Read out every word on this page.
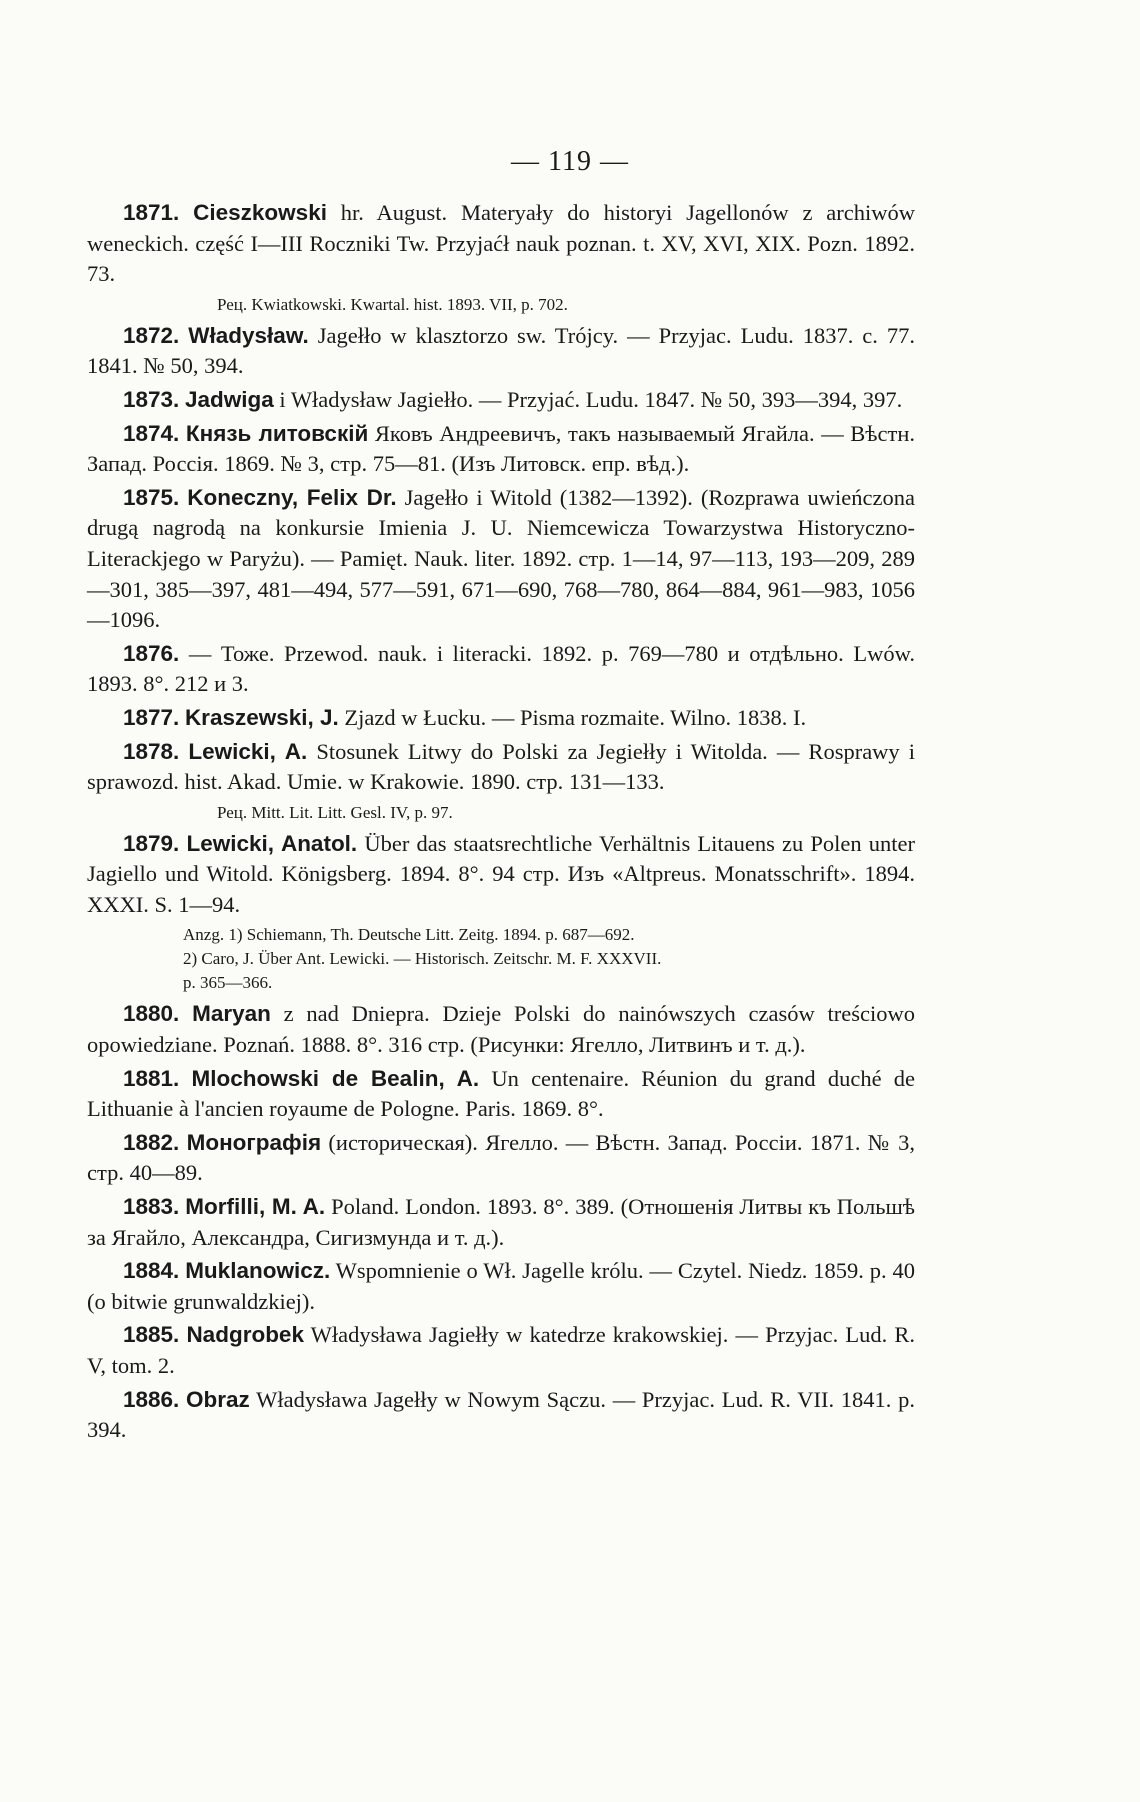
— 119 —

1871. Cieszkowski hr. August. Materyały do historyi Jagellonów z archiwów weneckich. część I—III Roczniki Tw. Przyjaćł nauk poznan. t. XV, XVI, XIX. Pozn. 1892. 73.

Рец. Kwiatkowski. Kwartal. hist. 1893. VII, p. 702.

1872. Władysław. Jagełło w klasztorzo sw. Trójcy. — Przyjac. Ludu. 1837. c. 77. 1841. № 50, 394.

1873. Jadwiga i Władysław Jagiełło. — Przyjać. Ludu. 1847. № 50, 393—394, 397.

1874. Князь литовскій Яковъ Андреевичъ, такъ называемый Ягайла. — Вѣстн. Запад. Россія. 1869. № 3, стр. 75—81. (Изъ Литовск. епр. вѣд.).

1875. Koneczny, Felix Dr. Jagełło i Witold (1382—1392). (Rozprawa uwieńczona drugą nagrodą na konkursie Imienia J. U. Niemcewicza Towarzystwa Historyczno-Literackjego w Paryżu). — Pamięt. Nauk. liter. 1892. стр. 1—14, 97—113, 193—209, 289—301, 385—397, 481—494, 577—591, 671—690, 768—780, 864—884, 961—983, 1056—1096.

1876. — Тоже. Przewod. nauk. i literacki. 1892. p. 769—780 и отдѣльно. Lwów. 1893. 8°. 212 и 3.

1877. Kraszewski, J. Zjazd w Łucku. — Pisma rozmaite. Wilno. 1838. I.

1878. Lewicki, A. Stosunek Litwy do Polski za Jegiełły i Witolda. — Rosprawy i sprawozd. hist. Akad. Umie. w Krakowie. 1890. стр. 131—133.

Рец. Mitt. Lit. Litt. Gesl. IV, p. 97.

1879. Lewicki, Anatol. Über das staatsrechtliche Verhältnis Litauens zu Polen unter Jagiello und Witold. Königsberg. 1894. 8°. 94 стр. Изъ «Altpreus. Monatsschrift». 1894. XXXI. S. 1—94.

Anzg. 1) Schiemann, Th. Deutsche Litt. Zeitg. 1894. p. 687—692.
2) Caro, J. Über Ant. Lewicki. — Historisch. Zeitschr. M. F. XXXVII.
p. 365—366.

1880. Maryan z nad Dniepra. Dzieje Polski do nainówszych czasów treściowo opowiedziane. Poznań. 1888. 8°. 316 стр. (Рисунки: Ягелло, Литвинъ и т. д.).

1881. Mlochowski de Bealin, A. Un centenaire. Réunion du grand duché de Lithuanie à l'ancien royaume de Pologne. Paris. 1869. 8°.

1882. Монографія (историческая). Ягелло. — Вѣстн. Запад. Россіи. 1871. № 3, стр. 40—89.

1883. Morfilli, M. A. Poland. London. 1893. 8°. 389. (Отношенія Литвы къ Польшѣ за Ягайло, Александра, Сигизмунда и т. д.).

1884. Muklanowicz. Wspomnienie o Wł. Jagelle królu. — Czytel. Niedz. 1859. p. 40 (o bitwie grunwaldzkiej).

1885. Nadgrobek Władysława Jagiełły w katedrze krakowskiej. — Przyjac. Lud. R. V, tom. 2.

1886. Obraz Władysława Jagełły w Nowym Sączu. — Przyjac. Lud. R. VII. 1841. p. 394.
